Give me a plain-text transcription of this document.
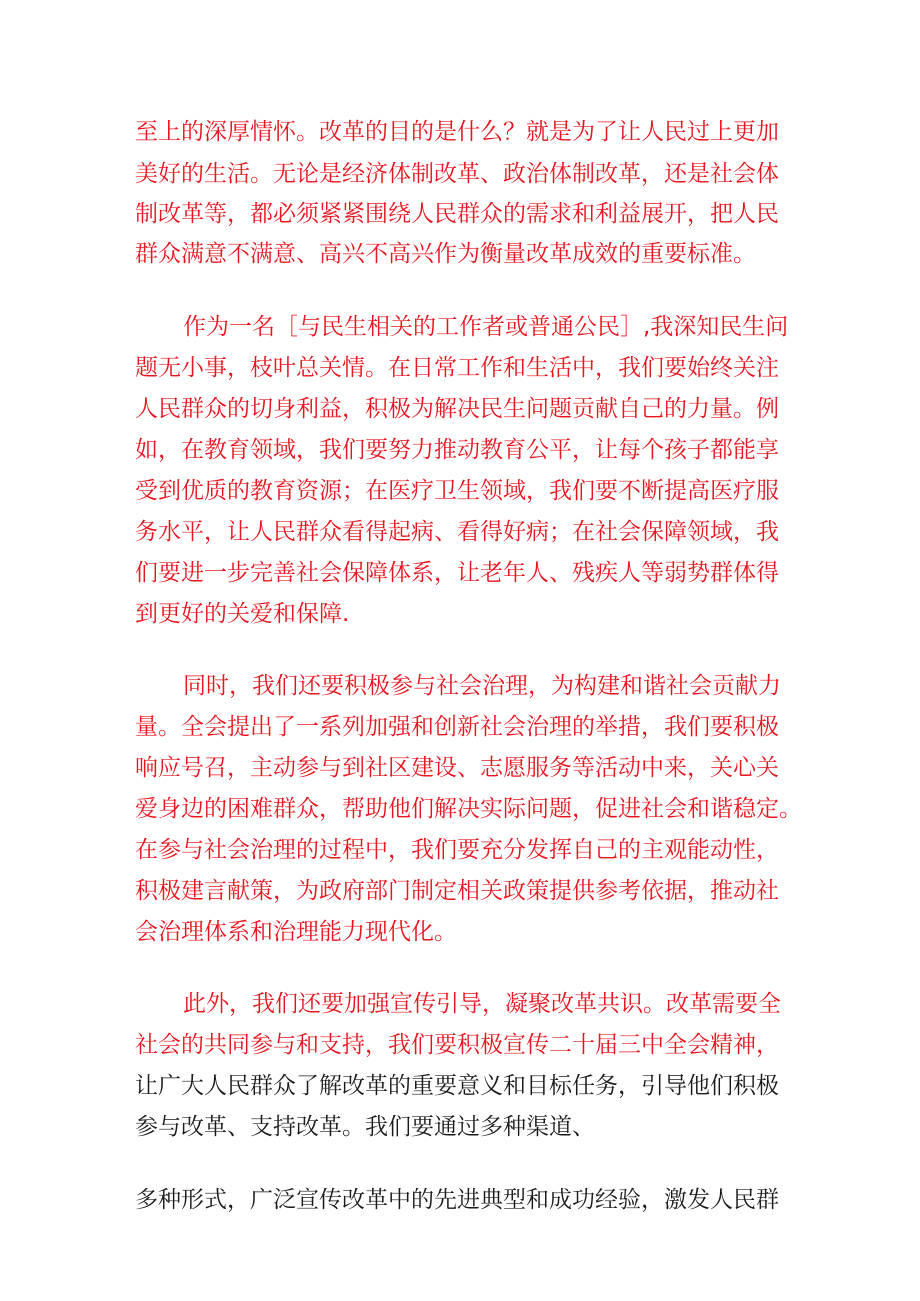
至上的深厚情怀。改革的目的是什么？就是为了让人民过上更加
美好的生活。无论是经济体制改革、政治体制改革，还是社会体
制改革等，都必须紧紧围绕人民群众的需求和利益展开，把人民
群众满意不满意、高兴不高兴作为衡量改革成效的重要标准。
作为一名［与民生相关的工作者或普通公民］,我深知民生问
题无小事，枝叶总关情。在日常工作和生活中，我们要始终关注
人民群众的切身利益，积极为解决民生问题贡献自己的力量。例
如，在教育领域，我们要努力推动教育公平，让每个孩子都能享
受到优质的教育资源；在医疗卫生领域，我们要不断提高医疗服
务水平，让人民群众看得起病、看得好病；在社会保障领域，我
们要进一步完善社会保障体系，让老年人、残疾人等弱势群体得
到更好的关爱和保障.
同时，我们还要积极参与社会治理，为构建和谐社会贡献力
量。全会提出了一系列加强和创新社会治理的举措，我们要积极
响应号召，主动参与到社区建设、志愿服务等活动中来，关心关
爱身边的困难群众，帮助他们解决实际问题，促进社会和谐稳定。
在参与社会治理的过程中，我们要充分发挥自己的主观能动性，
积极建言献策，为政府部门制定相关政策提供参考依据，推动社
会治理体系和治理能力现代化。
此外，我们还要加强宣传引导，凝聚改革共识。改革需要全
社会的共同参与和支持，我们要积极宣传二十届三中全会精神，
让广大人民群众了解改革的重要意义和目标任务，引导他们积极
参与改革、支持改革。我们要通过多种渠道、
多种形式，广泛宣传改革中的先进典型和成功经验，激发人民群
